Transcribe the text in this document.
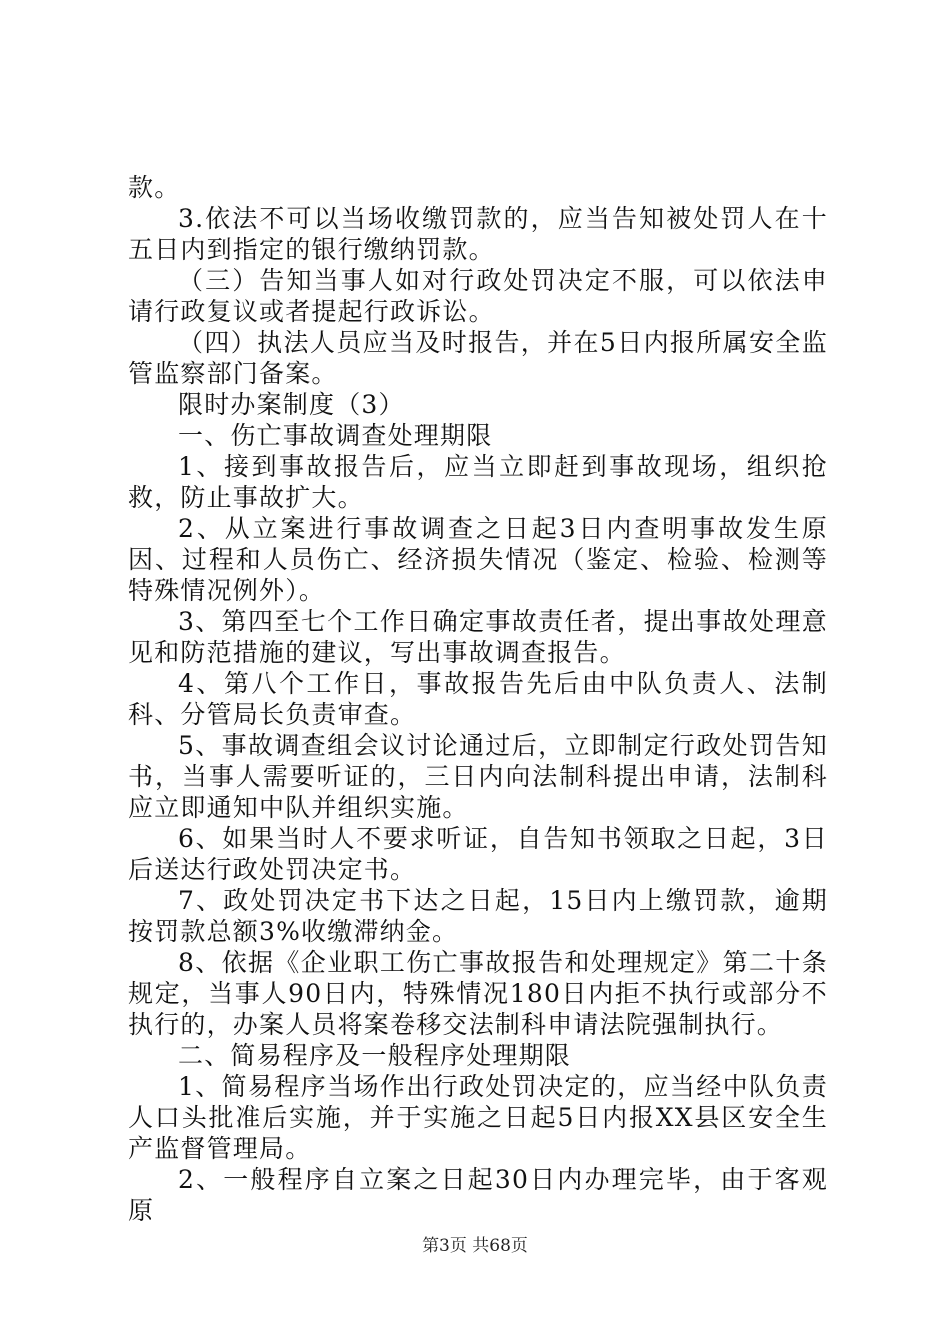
款。

3.依法不可以当场收缴罚款的，应当告知被处罚人在十五日内到指定的银行缴纳罚款。

（三）告知当事人如对行政处罚决定不服，可以依法申请行政复议或者提起行政诉讼。

（四）执法人员应当及时报告，并在5日内报所属安全监管监察部门备案。

限时办案制度（3）

一、伤亡事故调查处理期限

1、接到事故报告后，应当立即赶到事故现场，组织抢救，防止事故扩大。

2、从立案进行事故调查之日起3日内查明事故发生原因、过程和人员伤亡、经济损失情况（鉴定、检验、检测等特殊情况例外）。

3、第四至七个工作日确定事故责任者，提出事故处理意见和防范措施的建议，写出事故调查报告。

4、第八个工作日，事故报告先后由中队负责人、法制科、分管局长负责审查。

5、事故调查组会议讨论通过后，立即制定行政处罚告知书，当事人需要听证的，三日内向法制科提出申请，法制科应立即通知中队并组织实施。

6、如果当时人不要求听证，自告知书领取之日起，3日后送达行政处罚决定书。

7、政处罚决定书下达之日起，15日内上缴罚款，逾期按罚款总额3%收缴滞纳金。

8、依据《企业职工伤亡事故报告和处理规定》第二十条规定，当事人90日内，特殊情况180日内拒不执行或部分不执行的，办案人员将案卷移交法制科申请法院强制执行。

二、简易程序及一般程序处理期限

1、简易程序当场作出行政处罚决定的，应当经中队负责人口头批准后实施，并于实施之日起5日内报XX县区安全生产监督管理局。

2、一般程序自立案之日起30日内办理完毕，由于客观原

第3页 共68页
